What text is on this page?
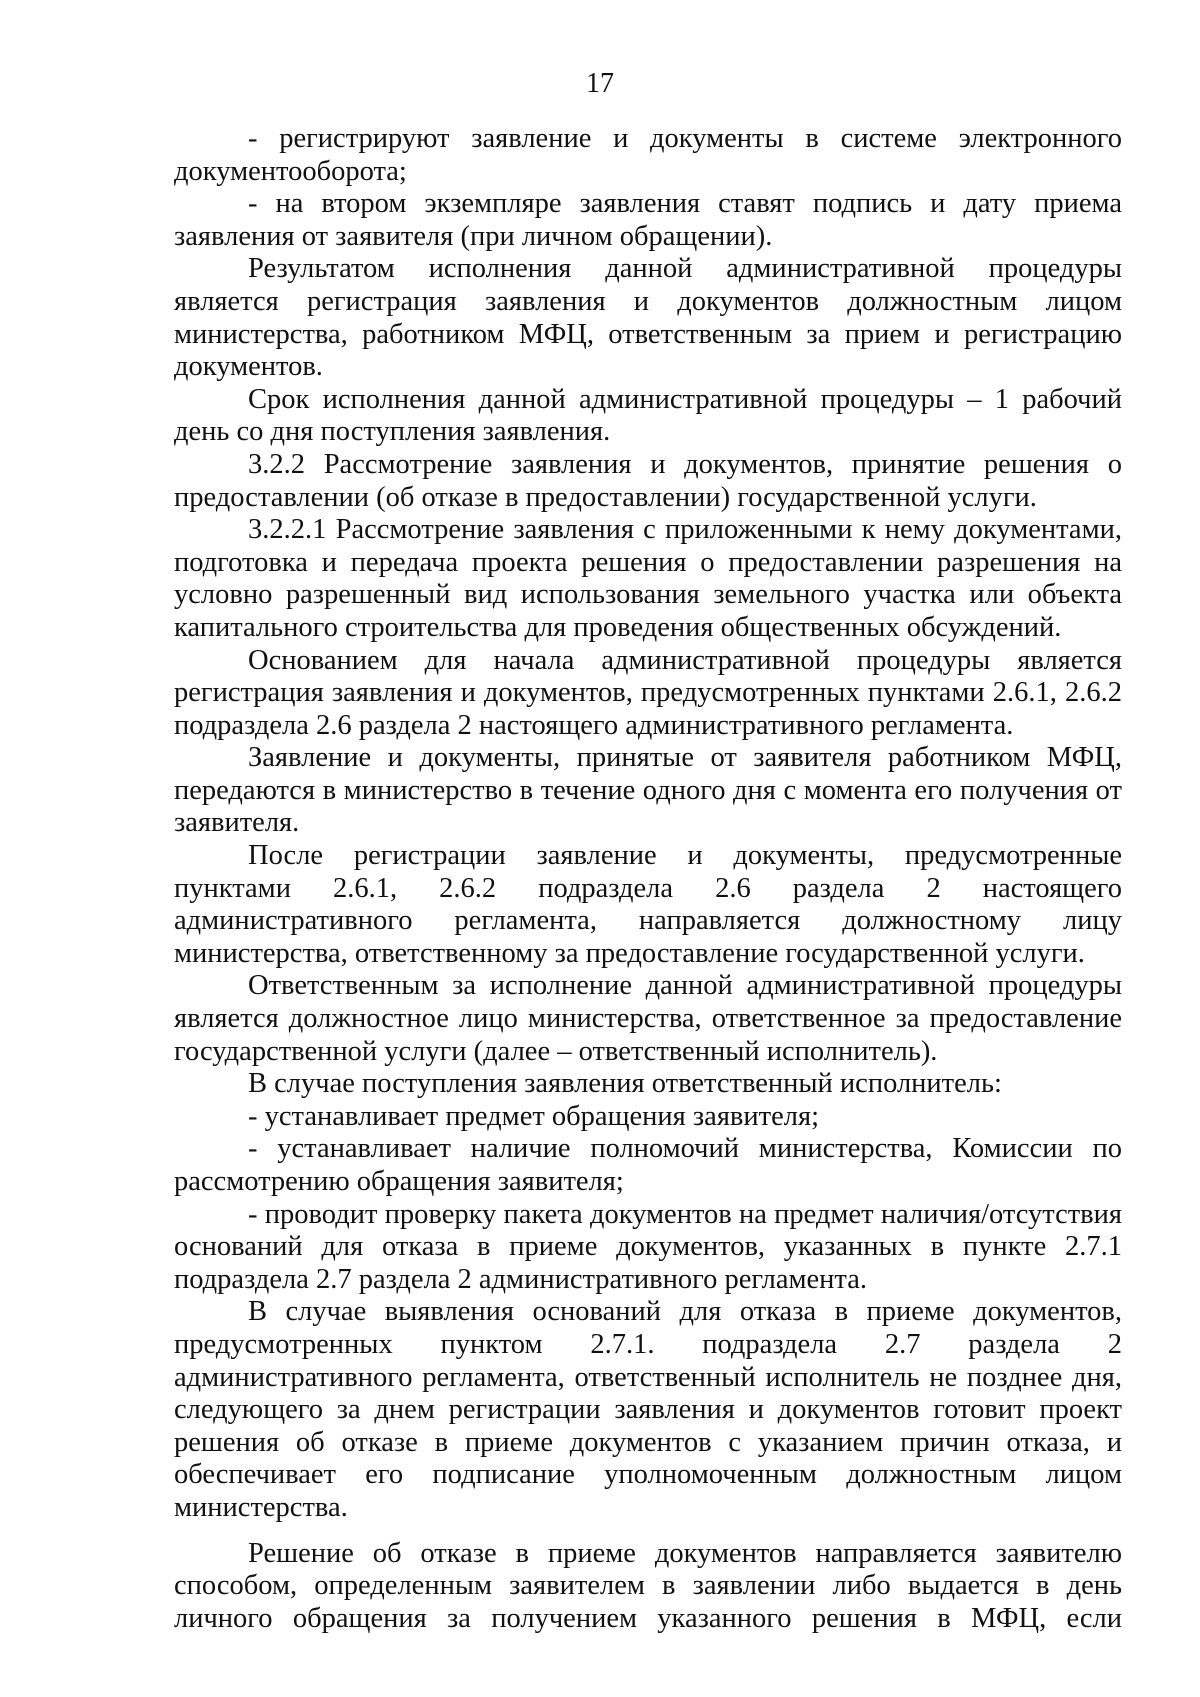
17

- регистрируют заявление и документы в системе электронного документооборота;

- на втором экземпляре заявления ставят подпись и дату приема заявления от заявителя (при личном обращении).

Результатом исполнения данной административной процедуры является регистрация заявления и документов должностным лицом министерства, работником МФЦ, ответственным за прием и регистрацию документов.

Срок исполнения данной административной процедуры – 1 рабочий день со дня поступления заявления.

3.2.2 Рассмотрение заявления и документов, принятие решения о предоставлении (об отказе в предоставлении) государственной услуги.

3.2.2.1 Рассмотрение заявления с приложенными к нему документами, подготовка и передача проекта решения о предоставлении разрешения на условно разрешенный вид использования земельного участка или объекта капитального строительства для проведения общественных обсуждений.

Основанием для начала административной процедуры является регистрация заявления и документов, предусмотренных пунктами 2.6.1, 2.6.2 подраздела 2.6 раздела 2 настоящего административного регламента.

Заявление и документы, принятые от заявителя работником МФЦ, передаются в министерство в течение одного дня с момента его получения от заявителя.

После регистрации заявление и документы, предусмотренные пунктами 2.6.1, 2.6.2 подраздела 2.6 раздела 2 настоящего административного регламента, направляется должностному лицу министерства, ответственному за предоставление государственной услуги.

Ответственным за исполнение данной административной процедуры является должностное лицо министерства, ответственное за предоставление государственной услуги (далее – ответственный исполнитель).

В случае поступления заявления ответственный исполнитель:

- устанавливает предмет обращения заявителя;

- устанавливает наличие полномочий министерства, Комиссии по рассмотрению обращения заявителя;

- проводит проверку пакета документов на предмет наличия/отсутствия оснований для отказа в приеме документов, указанных в пункте 2.7.1 подраздела 2.7 раздела 2 административного регламента.

В случае выявления оснований для отказа в приеме документов, предусмотренных пунктом 2.7.1. подраздела 2.7 раздела 2 административного регламента, ответственный исполнитель не позднее дня, следующего за днем регистрации заявления и документов готовит проект решения об отказе в приеме документов с указанием причин отказа, и обеспечивает его подписание уполномоченным должностным лицом министерства.

Решение об отказе в приеме документов направляется заявителю способом, определенным заявителем в заявлении либо выдается в день личного обращения за получением указанного решения в МФЦ, если
